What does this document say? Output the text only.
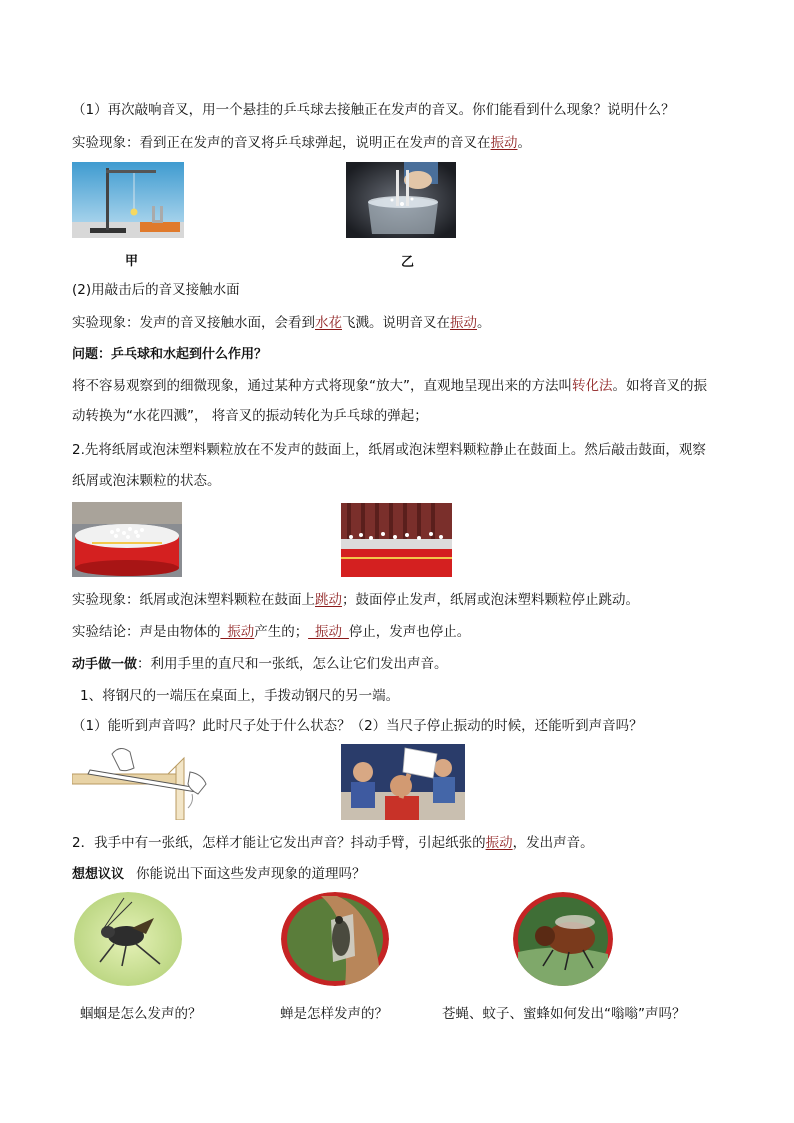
（1）再次敲响音叉，用一个悬挂的乒乓球去接触正在发声的音叉。你们能看到什么现象？说明什么？
实验现象：看到正在发声的音叉将乒乓球弹起，说明正在发声的音叉在振动。
甲	乙
(2)用敲击后的音叉接触水面
实验现象：发声的音叉接触水面，会看到水花飞溅。说明音叉在振动。
问题：乒乓球和水起到什么作用？
将不容易观察到的细微现象，通过某种方式将现象“放大”，直观地呈现出来的方法叫转化法。如将音叉的振
动转换为“水花四溅”， 将音叉的振动转化为乒乓球的弹起；
2.先将纸屑或泡沫塑料颗粒放在不发声的鼓面上，纸屑或泡沫塑料颗粒静止在鼓面上。然后敲击鼓面，观察
纸屑或泡沫颗粒的状态。
实验现象：纸屑或泡沫塑料颗粒在鼓面上跳动；鼓面停止发声，纸屑或泡沫塑料颗粒停止跳动。
实验结论：声是由物体的_振动产生的；_振动_停止，发声也停止。
动手做一做：利用手里的直尺和一张纸，怎么让它们发出声音。
1、将钢尺的一端压在桌面上，手拨动钢尺的另一端。
（1）能听到声音吗？此时尺子处于什么状态？（2）当尺子停止振动的时候，还能听到声音吗？
2．我手中有一张纸，怎样才能让它发出声音？抖动手臂，引起纸张的振动，发出声音。
想想议议 你能说出下面这些发声现象的道理吗？
蝈蝈是怎么发声的？	蝉是怎样发声的？	苍蝇、蚊子、蜜蜂如何发出“嗡嗡”声吗？
